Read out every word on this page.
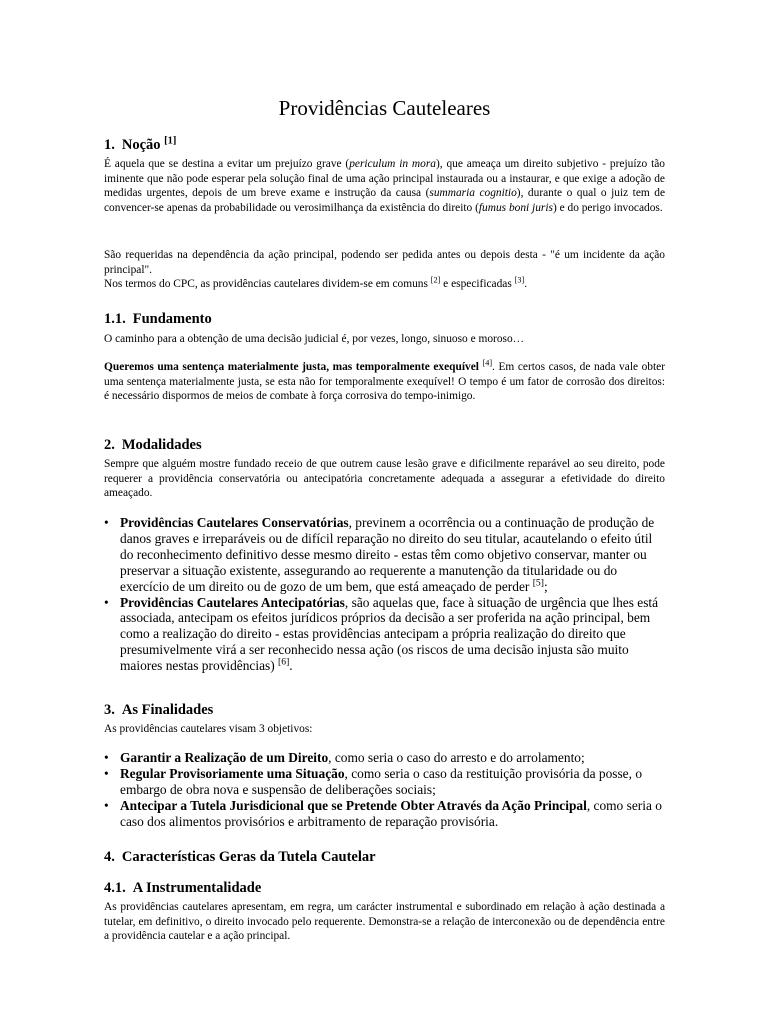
Providências Cauteleares
1. Noção [1]

É aquela que se destina a evitar um prejuízo grave (periculum in mora), que ameaça um direito subjetivo - prejuízo tão iminente que não pode esperar pela solução final de uma ação principal instaurada ou a instaurar, e que exige a adoção de medidas urgentes, depois de um breve exame e instrução da causa (summaria cognitio), durante o qual o juiz tem de convencer-se apenas da probabilidade ou verosimilhança da existência do direito (fumus boni juris) e do perigo invocados.

São requeridas na dependência da ação principal, podendo ser pedida antes ou depois desta - "é um incidente da ação principal".

Nos termos do CPC, as providências cautelares dividem-se em comuns [2] e especificadas [3].

1.1. Fundamento

O caminho para a obtenção de uma decisão judicial é, por vezes, longo, sinuoso e moroso…

Queremos uma sentença materialmente justa, mas temporalmente exequível [4]. Em certos casos, de nada vale obter uma sentença materialmente justa, se esta não for temporalmente exequível! O tempo é um fator de corrosão dos direitos: é necessário dispormos de meios de combate à força corrosiva do tempo-inimigo.

2. Modalidades

Sempre que alguém mostre fundado receio de que outrem cause lesão grave e dificilmente reparável ao seu direito, pode requerer a providência conservatória ou antecipatória concretamente adequada a assegurar a efetividade do direito ameaçado.

• Providências Cautelares Conservatórias, previnem a ocorrência ou a continuação de produção de danos graves e irreparáveis ou de difícil reparação no direito do seu titular, acautelando o efeito útil do reconhecimento definitivo desse mesmo direito - estas têm como objetivo conservar, manter ou preservar a situação existente, assegurando ao requerente a manutenção da titularidade ou do exercício de um direito ou de gozo de um bem, que está ameaçado de perder [5];
• Providências Cautelares Antecipatórias, são aquelas que, face à situação de urgência que lhes está associada, antecipam os efeitos jurídicos próprios da decisão a ser proferida na ação principal, bem como a realização do direito - estas providências antecipam a própria realização do direito que presumivelmente virá a ser reconhecido nessa ação (os riscos de uma decisão injusta são muito maiores nestas providências) [6].
3. As Finalidades

As providências cautelares visam 3 objetivos:

• Garantir a Realização de um Direito, como seria o caso do arresto e do arrolamento;
• Regular Provisoriamente uma Situação, como seria o caso da restituição provisória da posse, o embargo de obra nova e suspensão de deliberações sociais;
• Antecipar a Tutela Jurisdicional que se Pretende Obter Através da Ação Principal, como seria o caso dos alimentos provisórios e arbitramento de reparação provisória.
4. Características Geras da Tutela Cautelar
4.1. A Instrumentalidade

As providências cautelares apresentam, em regra, um carácter instrumental e subordinado em relação à ação destinada a tutelar, em definitivo, o direito invocado pelo requerente. Demonstra-se a relação de interconexão ou de dependência entre a providência cautelar e a ação principal.
